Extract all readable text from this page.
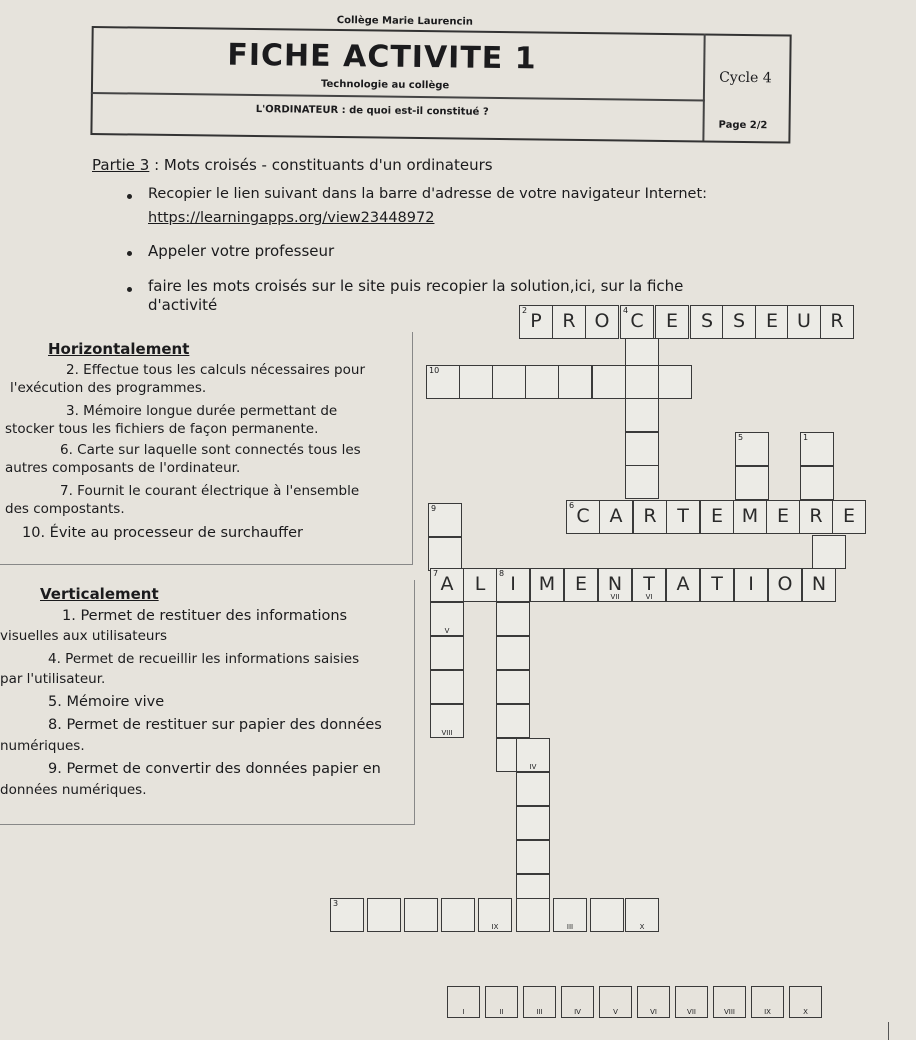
Collège Marie Laurencin
FICHE ACTIVITE 1
Technologie au collège	Cycle 4
L'ORDINATEUR : de quoi est-il constitué ?
Page 2/2
Partie 3 : Mots croisés - constituants d'un ordinateurs
Recopier le lien suivant dans la barre d'adresse de votre navigateur Internet:
https://learningapps.org/view23448972
Appeler votre professeur
faire les mots croisés sur le site puis recopier la solution,ici, sur la fiche
d'activité	2 P	R O	4 C	E	S	S	E	U	R
10
5	1
9	6 C	A	R	T	E M E	R	E
7 A	L	8 I	M	E
VII
N
VI
T	A	T	I	O	N
V
VIII
IV
3
IX	III	X
Horizontalement
2. Effectue tous les calculs nécessaires pour
l'exécution des programmes.
3. Mémoire longue durée permettant de
stocker tous les fichiers de façon permanente.
6. Carte sur laquelle sont connectés tous les
autres composants de l'ordinateur.
7. Fournit le courant électrique à l'ensemble
des compostants.
10. Évite au processeur de surchauffer
Verticalement
1. Permet de restituer des informations
visuelles aux utilisateurs
4. Permet de recueillir les informations saisies
par l'utilisateur.
5. Mémoire vive
8. Permet de restituer sur papier des données
numériques.
9. Permet de convertir des données papier en
données numériques.
I	II	III	IV	V	VI	VII	VIII	IX	X
